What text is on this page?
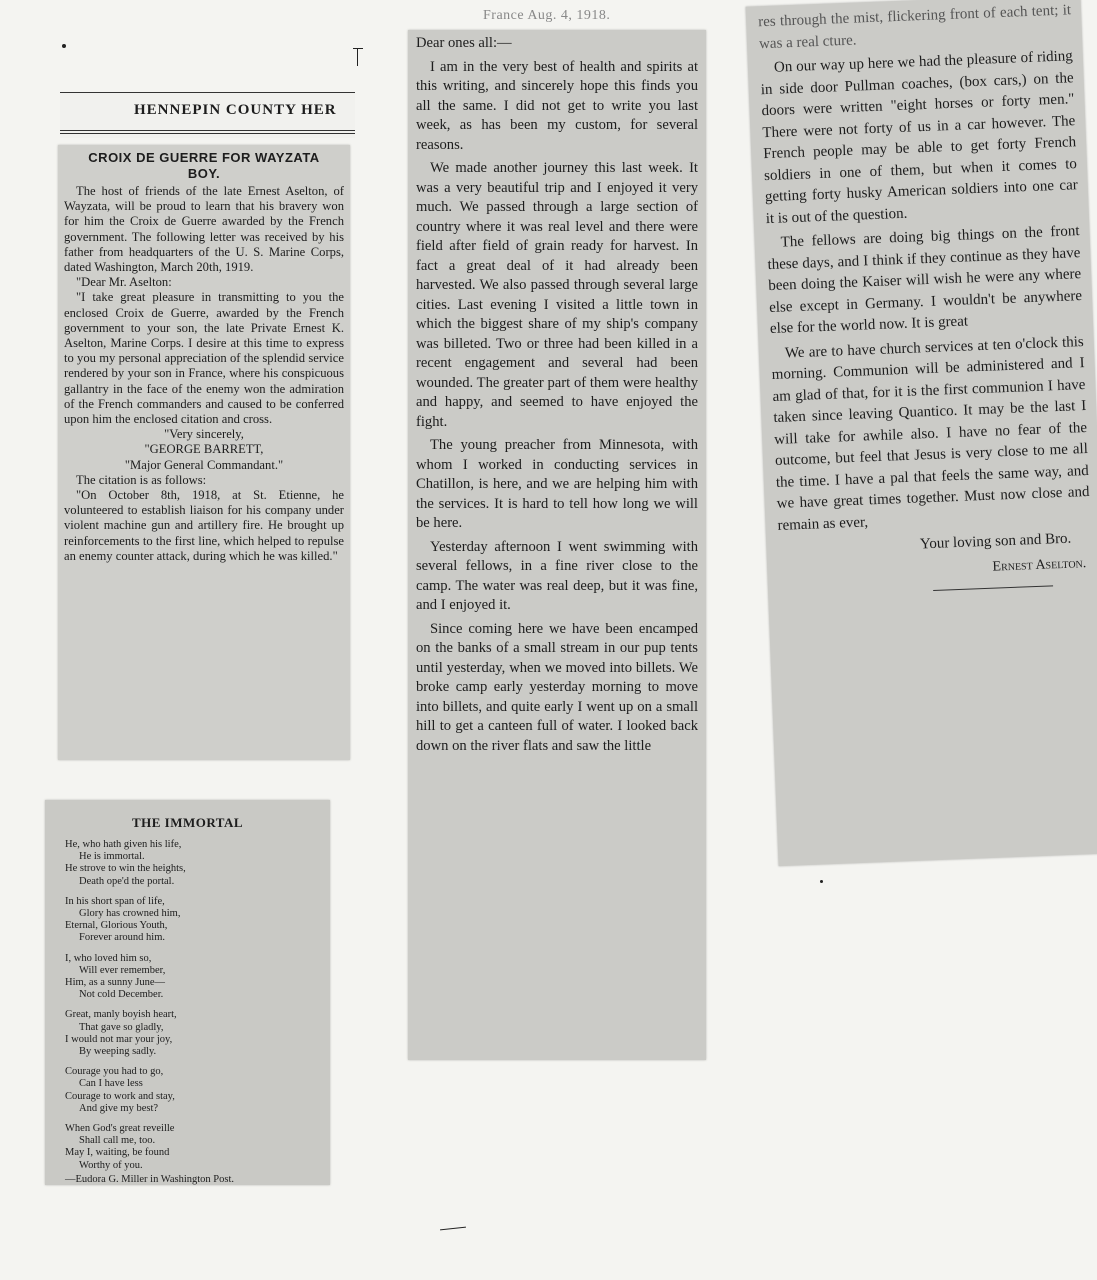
HENNEPIN COUNTY HER
CROIX DE GUERRE FOR WAYZATA
BOY.

The host of friends of the late Ernest Aselton, of Wayzata, will be proud to learn that his bravery won for him the Croix de Guerre awarded by the French government. The following letter was received by his father from headquarters of the U. S. Marine Corps, dated Washington, March 20th, 1919.

"Dear Mr. Aselton:

"I take great pleasure in transmitting to you the enclosed Croix de Guerre, awarded by the French government to your son, the late Private Ernest K. Aselton, Marine Corps. I desire at this time to express to you my personal appreciation of the splendid service rendered by your son in France, where his conspicuous gallantry in the face of the enemy won the admiration of the French commanders and caused to be conferred upon him the enclosed citation and cross.

"Very sincerely,

"GEORGE BARRETT,

"Major General Commandant."

The citation is as follows:

"On October 8th, 1918, at St. Etienne, he volunteered to establish liaison for his company under violent machine gun and artillery fire. He brought up reinforcements to the first line, which helped to repulse an enemy counter attack, during which he was killed."

THE IMMORTAL
He, who hath given his life,
He is immortal.
He strove to win the heights,
Death ope'd the portal.
In his short span of life,
Glory has crowned him,
Eternal, Glorious Youth,
Forever around him.
I, who loved him so,
Will ever remember,
Him, as a sunny June—
Not cold December.
Great, manly boyish heart,
That gave so gladly,
I would not mar your joy,
By weeping sadly.
Courage you had to go,
Can I have less
Courage to work and stay,
And give my best?
When God's great reveille
Shall call me, too.
May I, waiting, be found
Worthy of you.
—Eudora G. Miller in Washington Post.
France Aug. 4, 1918.

Dear ones all:—

I am in the very best of health and spirits at this writing, and sincerely hope this finds you all the same. I did not get to write you last week, as has been my custom, for several reasons.

We made another journey this last week. It was a very beautiful trip and I enjoyed it very much. We passed through a large section of country where it was real level and there were field after field of grain ready for harvest. In fact a great deal of it had already been harvested. We also passed through several large cities. Last evening I visited a little town in which the biggest share of my ship's company was billeted. Two or three had been killed in a recent engagement and several had been wounded. The greater part of them were healthy and happy, and seemed to have enjoyed the fight.

The young preacher from Minnesota, with whom I worked in conducting services in Chatillon, is here, and we are helping him with the services. It is hard to tell how long we will be here.

Yesterday afternoon I went swimming with several fellows, in a fine river close to the camp. The water was real deep, but it was fine, and I enjoyed it.

Since coming here we have been encamped on the banks of a small stream in our pup tents until yesterday, when we moved into billets. We broke camp early yesterday morning to move into billets, and quite early I went up on a small hill to get a canteen full of water. I looked back down on the river flats and saw the little

res through the mist, flickering front of each tent; it was a real cture.

On our way up here we had the pleasure of riding in side door Pullman coaches, (box cars,) on the doors were written "eight horses or forty men." There were not forty of us in a car however. The French people may be able to get forty French soldiers in one of them, but when it comes to getting forty husky American soldiers into one car it is out of the question.

The fellows are doing big things on the front these days, and I think if they continue as they have been doing the Kaiser will wish he were any where else except in Germany. I wouldn't be anywhere else for the world now. It is great

We are to have church services at ten o'clock this morning. Communion will be administered and I am glad of that, for it is the first communion I have taken since leaving Quantico. It may be the last I will take for awhile also. I have no fear of the outcome, but feel that Jesus is very close to me all the time. I have a pal that feels the same way, and we have great times together. Must now close and remain as ever,

Your loving son and Bro.

Ernest Aselton.
